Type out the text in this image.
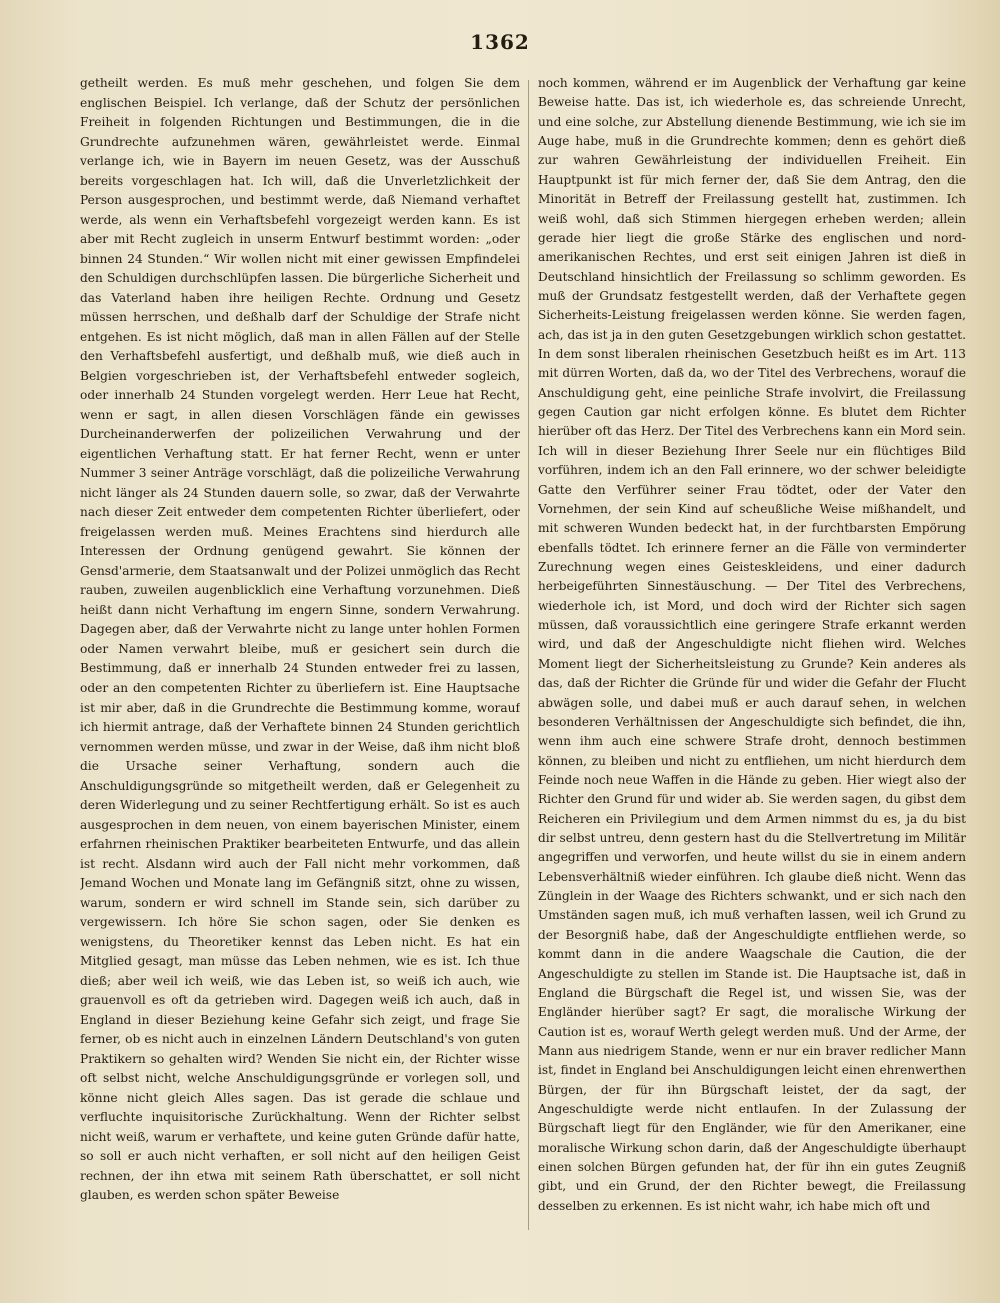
1362

getheilt werden. Es muß mehr geschehen, und folgen Sie dem englischen Beispiel. Ich verlange, daß der Schutz der persönlichen Freiheit in folgenden Richtungen und Bestimmungen, die in die Grundrechte aufzunehmen wären, gewährleistet werde. Einmal verlange ich, wie in Bayern im neuen Gesetz, was der Ausschuß bereits vorgeschlagen hat. Ich will, daß die Unverletzlichkeit der Person ausgesprochen, und bestimmt werde, daß Niemand verhaftet werde, als wenn ein Verhaftsbefehl vorgezeigt werden kann. Es ist aber mit Recht zugleich in unserm Entwurf bestimmt worden: „oder binnen 24 Stunden.“ Wir wollen nicht mit einer gewissen Empfindelei den Schuldigen durchschlüpfen lassen. Die bürgerliche Sicherheit und das Vaterland haben ihre heiligen Rechte. Ordnung und Gesetz müssen herrschen, und deßhalb darf der Schuldige der Strafe nicht entgehen. Es ist nicht möglich, daß man in allen Fällen auf der Stelle den Verhaftsbefehl ausfertigt, und deßhalb muß, wie dieß auch in Belgien vorgeschrieben ist, der Verhaftsbefehl entweder sogleich, oder innerhalb 24 Stunden vorgelegt werden. Herr Leue hat Recht, wenn er sagt, in allen diesen Vorschlägen fände ein gewisses Durcheinanderwerfen der polizeilichen Verwahrung und der eigentlichen Verhaftung statt. Er hat ferner Recht, wenn er unter Nummer 3 seiner Anträge vorschlägt, daß die polizeiliche Verwahrung nicht länger als 24 Stunden dauern solle, so zwar, daß der Verwahrte nach dieser Zeit entweder dem competenten Richter überliefert, oder freigelassen werden muß. Meines Erachtens sind hierdurch alle Interessen der Ordnung genügend gewahrt. Sie können der Gensd'armerie, dem Staatsanwalt und der Polizei unmöglich das Recht rauben, zuweilen augenblicklich eine Verhaftung vorzunehmen. Dieß heißt dann nicht Verhaftung im engern Sinne, sondern Verwahrung. Dagegen aber, daß der Verwahrte nicht zu lange unter hohlen Formen oder Namen verwahrt bleibe, muß er gesichert sein durch die Bestimmung, daß er innerhalb 24 Stunden entweder frei zu lassen, oder an den competenten Richter zu überliefern ist. Eine Hauptsache ist mir aber, daß in die Grundrechte die Bestimmung komme, worauf ich hiermit antrage, daß der Verhaftete binnen 24 Stunden gerichtlich vernommen werden müsse, und zwar in der Weise, daß ihm nicht bloß die Ursache seiner Verhaftung, sondern auch die Anschuldigungsgründe so mitgetheilt werden, daß er Gelegenheit zu deren Widerlegung und zu seiner Rechtfertigung erhält. So ist es auch ausgesprochen in dem neuen, von einem bayerischen Minister, einem erfahrnen rheinischen Praktiker bearbeiteten Entwurfe, und das allein ist recht. Alsdann wird auch der Fall nicht mehr vorkommen, daß Jemand Wochen und Monate lang im Gefängniß sitzt, ohne zu wissen, warum, sondern er wird schnell im Stande sein, sich darüber zu vergewissern. Ich höre Sie schon sagen, oder Sie denken es wenigstens, du Theoretiker kennst das Leben nicht. Es hat ein Mitglied gesagt, man müsse das Leben nehmen, wie es ist. Ich thue dieß; aber weil ich weiß, wie das Leben ist, so weiß ich auch, wie grauenvoll es oft da getrieben wird. Dagegen weiß ich auch, daß in England in dieser Beziehung keine Gefahr sich zeigt, und frage Sie ferner, ob es nicht auch in einzelnen Ländern Deutschland's von guten Praktikern so gehalten wird? Wenden Sie nicht ein, der Richter wisse oft selbst nicht, welche Anschuldigungsgründe er vorlegen soll, und könne nicht gleich Alles sagen. Das ist gerade die schlaue und verfluchte inquisitorische Zurückhaltung. Wenn der Richter selbst nicht weiß, warum er verhaftete, und keine guten Gründe dafür hatte, so soll er auch nicht verhaften, er soll nicht auf den heiligen Geist rechnen, der ihn etwa mit seinem Rath überschattet, er soll nicht glauben, es werden schon später Beweise

noch kommen, während er im Augenblick der Verhaftung gar keine Beweise hatte. Das ist, ich wiederhole es, das schreiende Unrecht, und eine solche, zur Abstellung dienende Bestimmung, wie ich sie im Auge habe, muß in die Grundrechte kommen; denn es gehört dieß zur wahren Gewährleistung der individuellen Freiheit. Ein Hauptpunkt ist für mich ferner der, daß Sie dem Antrag, den die Minorität in Betreff der Freilassung gestellt hat, zustimmen. Ich weiß wohl, daß sich Stimmen hiergegen erheben werden; allein gerade hier liegt die große Stärke des englischen und nord-amerikanischen Rechtes, und erst seit einigen Jahren ist dieß in Deutschland hinsichtlich der Freilassung so schlimm geworden. Es muß der Grundsatz festgestellt werden, daß der Verhaftete gegen Sicherheits-Leistung freigelassen werden könne. Sie werden fagen, ach, das ist ja in den guten Gesetzgebungen wirklich schon gestattet. In dem sonst liberalen rheinischen Gesetzbuch heißt es im Art. 113 mit dürren Worten, daß da, wo der Titel des Verbrechens, worauf die Anschuldigung geht, eine peinliche Strafe involvirt, die Freilassung gegen Caution gar nicht erfolgen könne. Es blutet dem Richter hierüber oft das Herz. Der Titel des Verbrechens kann ein Mord sein. Ich will in dieser Beziehung Ihrer Seele nur ein flüchtiges Bild vorführen, indem ich an den Fall erinnere, wo der schwer beleidigte Gatte den Verführer seiner Frau tödtet, oder der Vater den Vornehmen, der sein Kind auf scheußliche Weise mißhandelt, und mit schweren Wunden bedeckt hat, in der furchtbarsten Empörung ebenfalls tödtet. Ich erinnere ferner an die Fälle von verminderter Zurechnung wegen eines Geisteskleidens, und einer dadurch herbeigeführten Sinnestäuschung. — Der Titel des Verbrechens, wiederhole ich, ist Mord, und doch wird der Richter sich sagen müssen, daß voraussichtlich eine geringere Strafe erkannt werden wird, und daß der Angeschuldigte nicht fliehen wird. Welches Moment liegt der Sicherheitsleistung zu Grunde? Kein anderes als das, daß der Richter die Gründe für und wider die Gefahr der Flucht abwägen solle, und dabei muß er auch darauf sehen, in welchen besonderen Verhältnissen der Angeschuldigte sich befindet, die ihn, wenn ihm auch eine schwere Strafe droht, dennoch bestimmen können, zu bleiben und nicht zu entfliehen, um nicht hierdurch dem Feinde noch neue Waffen in die Hände zu geben. Hier wiegt also der Richter den Grund für und wider ab. Sie werden sagen, du gibst dem Reicheren ein Privilegium und dem Armen nimmst du es, ja du bist dir selbst untreu, denn gestern hast du die Stellvertretung im Militär angegriffen und verworfen, und heute willst du sie in einem andern Lebensverhältniß wieder einführen. Ich glaube dieß nicht. Wenn das Zünglein in der Waage des Richters schwankt, und er sich nach den Umständen sagen muß, ich muß verhaften lassen, weil ich Grund zu der Besorgniß habe, daß der Angeschuldigte entfliehen werde, so kommt dann in die andere Waagschale die Caution, die der Angeschuldigte zu stellen im Stande ist. Die Hauptsache ist, daß in England die Bürgschaft die Regel ist, und wissen Sie, was der Engländer hierüber sagt? Er sagt, die moralische Wirkung der Caution ist es, worauf Werth gelegt werden muß. Und der Arme, der Mann aus niedrigem Stande, wenn er nur ein braver redlicher Mann ist, findet in England bei Anschuldigungen leicht einen ehrenwerthen Bürgen, der für ihn Bürgschaft leistet, der da sagt, der Angeschuldigte werde nicht entlaufen. In der Zulassung der Bürgschaft liegt für den Engländer, wie für den Amerikaner, eine moralische Wirkung schon darin, daß der Angeschuldigte überhaupt einen solchen Bürgen gefunden hat, der für ihn ein gutes Zeugniß gibt, und ein Grund, der den Richter bewegt, die Freilassung desselben zu erkennen. Es ist nicht wahr, ich habe mich oft und
